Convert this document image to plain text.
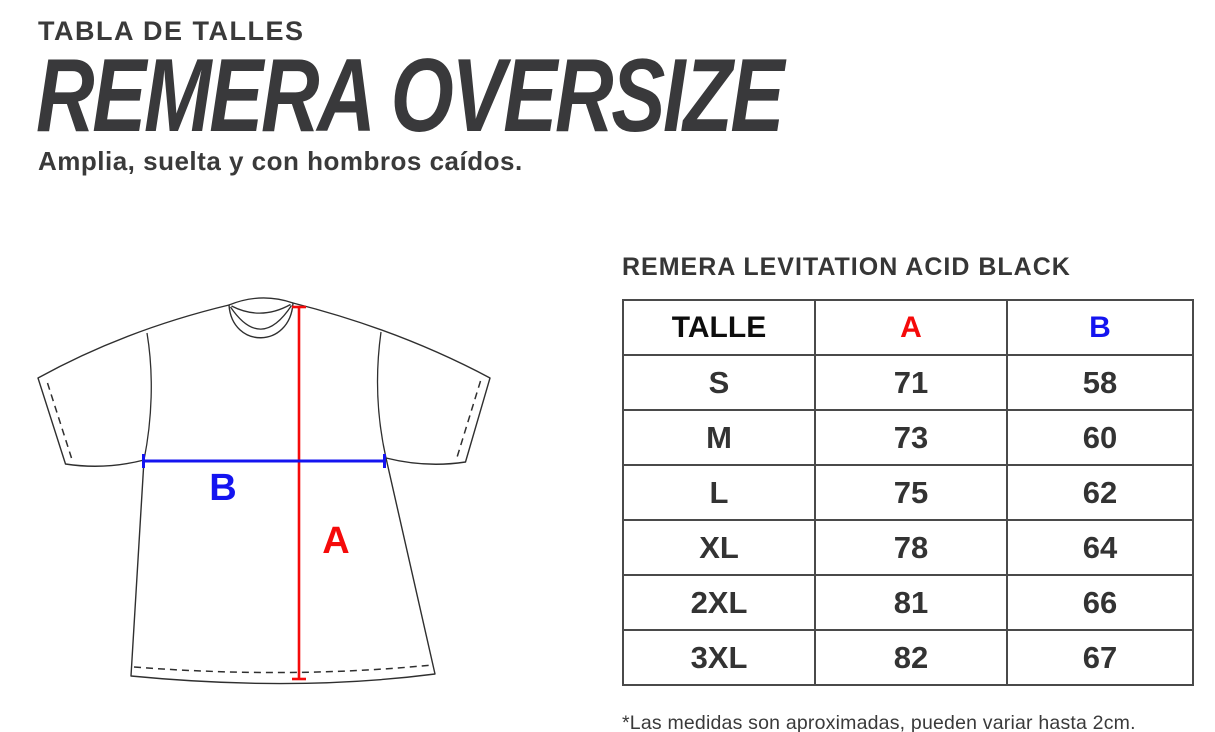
TABLA DE TALLES
REMERA OVERSIZE
Amplia, suelta y con hombros caídos.
B
A
REMERA LEVITATION ACID BLACK
TALLE	A	B
S	71	58
M	73	60
L	75	62
XL	78	64
2XL	81	66
3XL	82	67

*Las medidas son aproximadas, pueden variar hasta 2cm.
